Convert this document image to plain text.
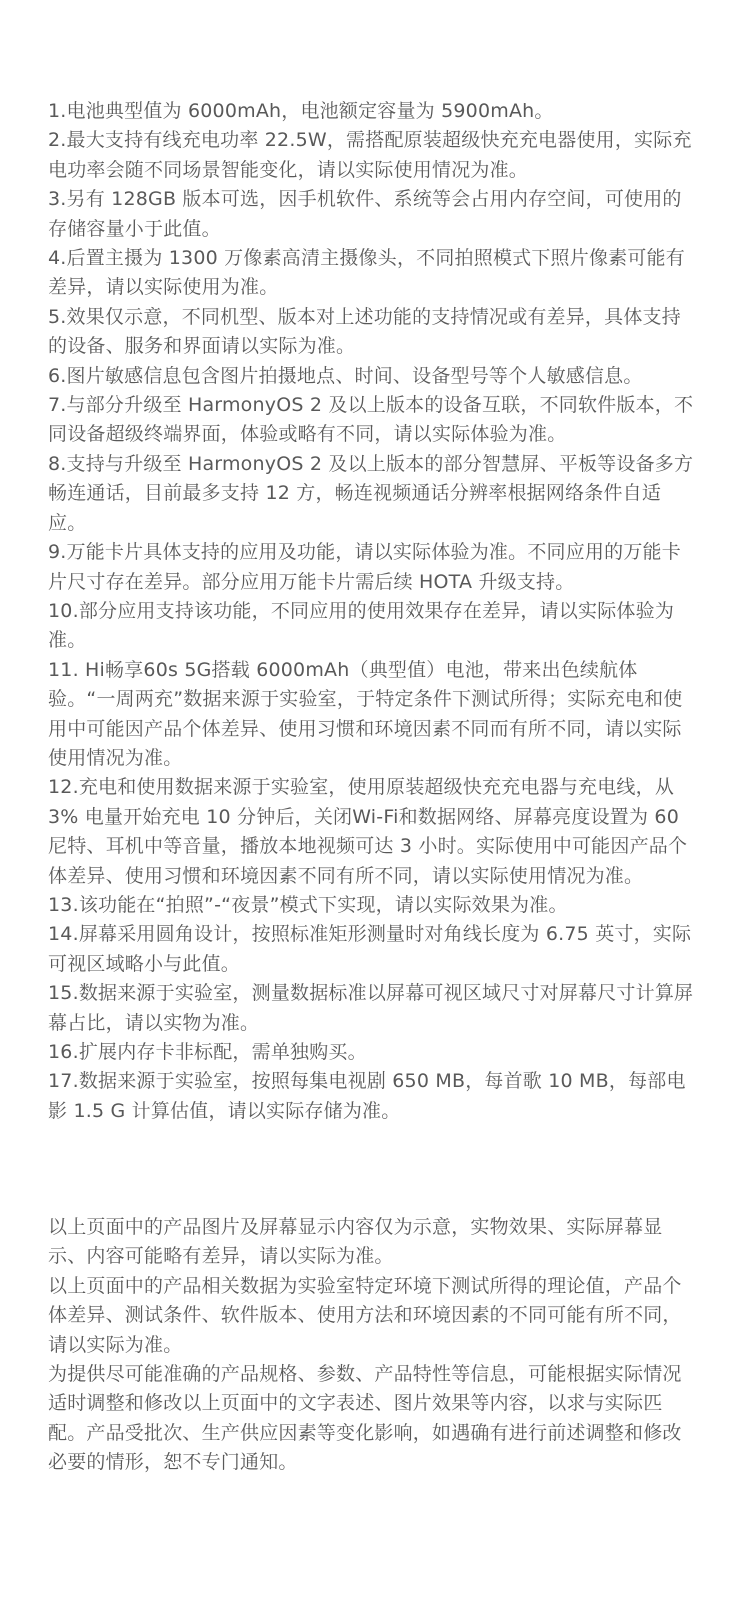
1.电池典型值为 6000mAh，电池额定容量为 5900mAh。
2.最大支持有线充电功率 22.5W，需搭配原装超级快充充电器使用，实际充电功率会随不同场景智能变化，请以实际使用情况为准。
3.另有 128GB 版本可选，因手机软件、系统等会占用内存空间，可使用的存储容量小于此值。
4.后置主摄为 1300 万像素高清主摄像头，不同拍照模式下照片像素可能有差异，请以实际使用为准。
5.效果仅示意，不同机型、版本对上述功能的支持情况或有差异，具体支持的设备、服务和界面请以实际为准。
6.图片敏感信息包含图片拍摄地点、时间、设备型号等个人敏感信息。
7.与部分升级至 HarmonyOS 2 及以上版本的设备互联，不同软件版本，不同设备超级终端界面，体验或略有不同，请以实际体验为准。
8.支持与升级至 HarmonyOS 2 及以上版本的部分智慧屏、平板等设备多方畅连通话，目前最多支持 12 方，畅连视频通话分辨率根据网络条件自适应。
9.万能卡片具体支持的应用及功能，请以实际体验为准。不同应用的万能卡片尺寸存在差异。部分应用万能卡片需后续 HOTA 升级支持。
10.部分应用支持该功能，不同应用的使用效果存在差异，请以实际体验为准。
11. Hi畅享60s 5G搭载 6000mAh（典型值）电池，带来出色续航体验。“一周两充”数据来源于实验室，于特定条件下测试所得；实际充电和使用中可能因产品个体差异、使用习惯和环境因素不同而有所不同，请以实际使用情况为准。
12.充电和使用数据来源于实验室，使用原装超级快充充电器与充电线，从 3% 电量开始充电 10 分钟后，关闭Wi-Fi和数据网络、屏幕亮度设置为 60 尼特、耳机中等音量，播放本地视频可达 3 小时。实际使用中可能因产品个体差异、使用习惯和环境因素不同有所不同，请以实际使用情况为准。
13.该功能在“拍照”-“夜景”模式下实现，请以实际效果为准。
14.屏幕采用圆角设计，按照标准矩形测量时对角线长度为 6.75 英寸，实际可视区域略小与此值。
15.数据来源于实验室，测量数据标准以屏幕可视区域尺寸对屏幕尺寸计算屏幕占比，请以实物为准。
16.扩展内存卡非标配，需单独购买。
17.数据来源于实验室，按照每集电视剧 650 MB，每首歌 10 MB，每部电影 1.5 G 计算估值，请以实际存储为准。

以上页面中的产品图片及屏幕显示内容仅为示意，实物效果、实际屏幕显示、内容可能略有差异，请以实际为准。

以上页面中的产品相关数据为实验室特定环境下测试所得的理论值，产品个体差异、测试条件、软件版本、使用方法和环境因素的不同可能有所不同，请以实际为准。

为提供尽可能准确的产品规格、参数、产品特性等信息，可能根据实际情况适时调整和修改以上页面中的文字表述、图片效果等内容，以求与实际匹配。产品受批次、生产供应因素等变化影响，如遇确有进行前述调整和修改必要的情形，恕不专门通知。
